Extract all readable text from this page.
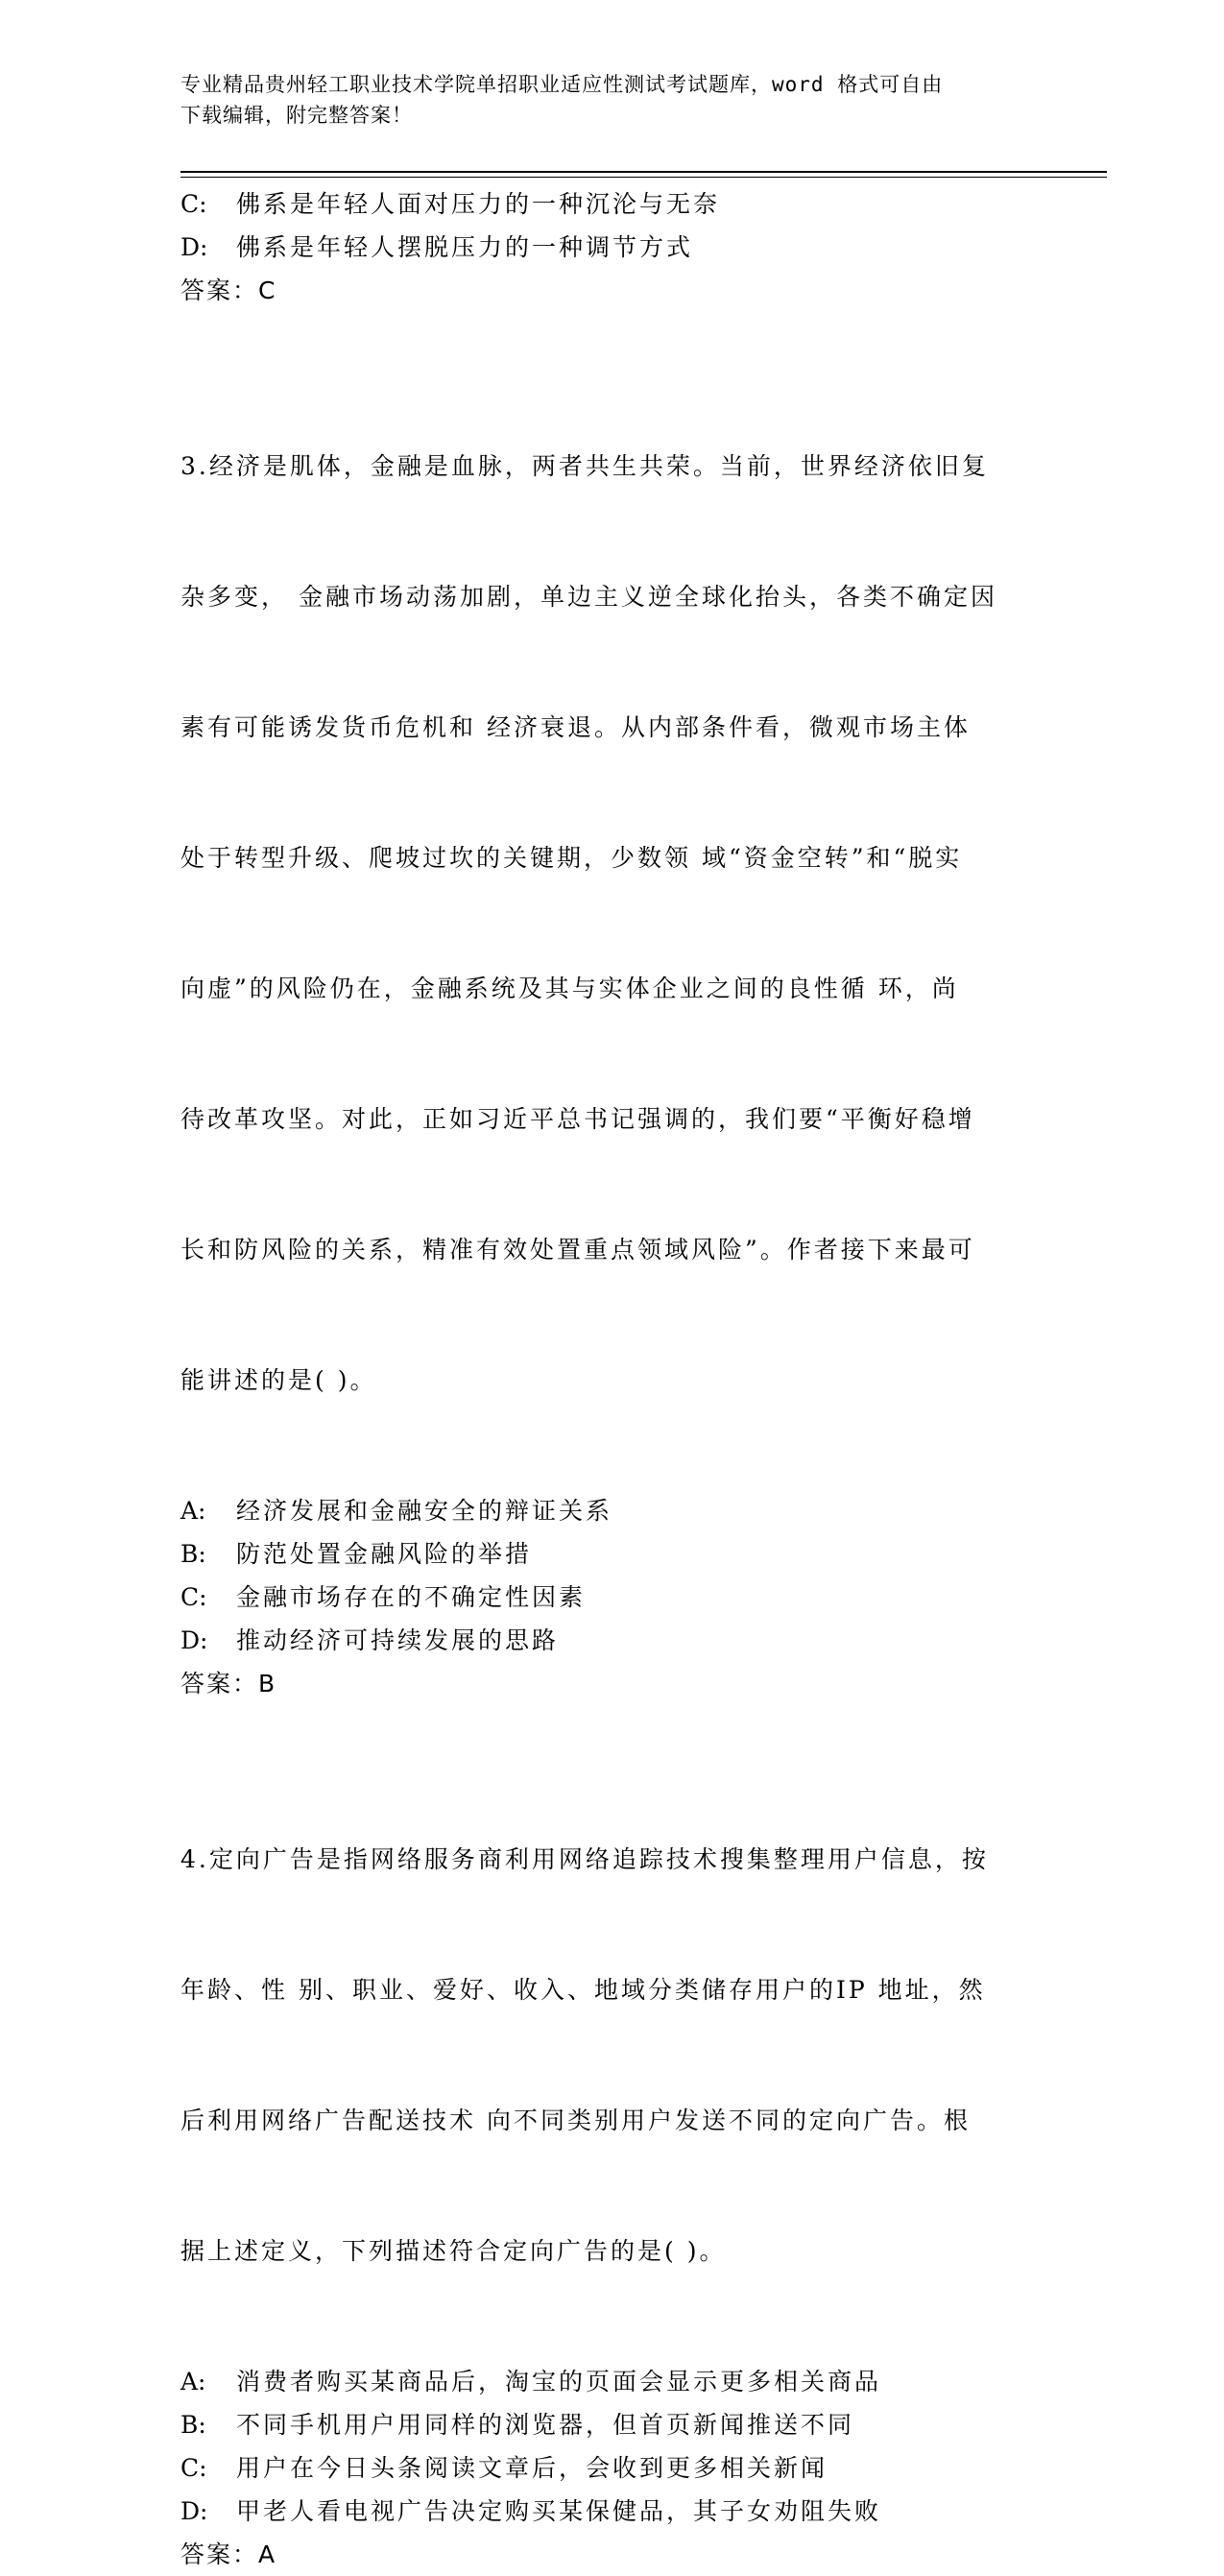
专业精品贵州轻工职业技术学院单招职业适应性测试考试题库，word 格式可自由
下载编辑，附完整答案！
C:	佛系是年轻人面对压力的一种沉沦与无奈
D:	佛系是年轻人摆脱压力的一种调节方式
答案：C

3.经济是肌体，金融是血脉，两者共生共荣。当前，世界经济依旧复

杂多变， 金融市场动荡加剧，单边主义逆全球化抬头，各类不确定因

素有可能诱发货币危机和 经济衰退。从内部条件看，微观市场主体

处于转型升级、爬坡过坎的关键期，少数领 域“资金空转”和“脱实

向虚”的风险仍在，金融系统及其与实体企业之间的良性循 环，尚

待改革攻坚。对此，正如习近平总书记强调的，我们要“平衡好稳增

长和防风险的关系，精准有效处置重点领域风险”。作者接下来最可

能讲述的是( )。

A:	经济发展和金融安全的辩证关系
B:	防范处置金融风险的举措
C:	金融市场存在的不确定性因素
D:	推动经济可持续发展的思路
答案：B

4.定向广告是指网络服务商利用网络追踪技术搜集整理用户信息，按

年龄、性 别、职业、爱好、收入、地域分类储存用户的IP 地址，然

后利用网络广告配送技术 向不同类别用户发送不同的定向广告。根

据上述定义，下列描述符合定向广告的是( )。

A:	消费者购买某商品后，淘宝的页面会显示更多相关商品
B:	不同手机用户用同样的浏览器，但首页新闻推送不同
C:	用户在今日头条阅读文章后，会收到更多相关新闻
D:	甲老人看电视广告决定购买某保健品，其子女劝阻失败
答案：A
